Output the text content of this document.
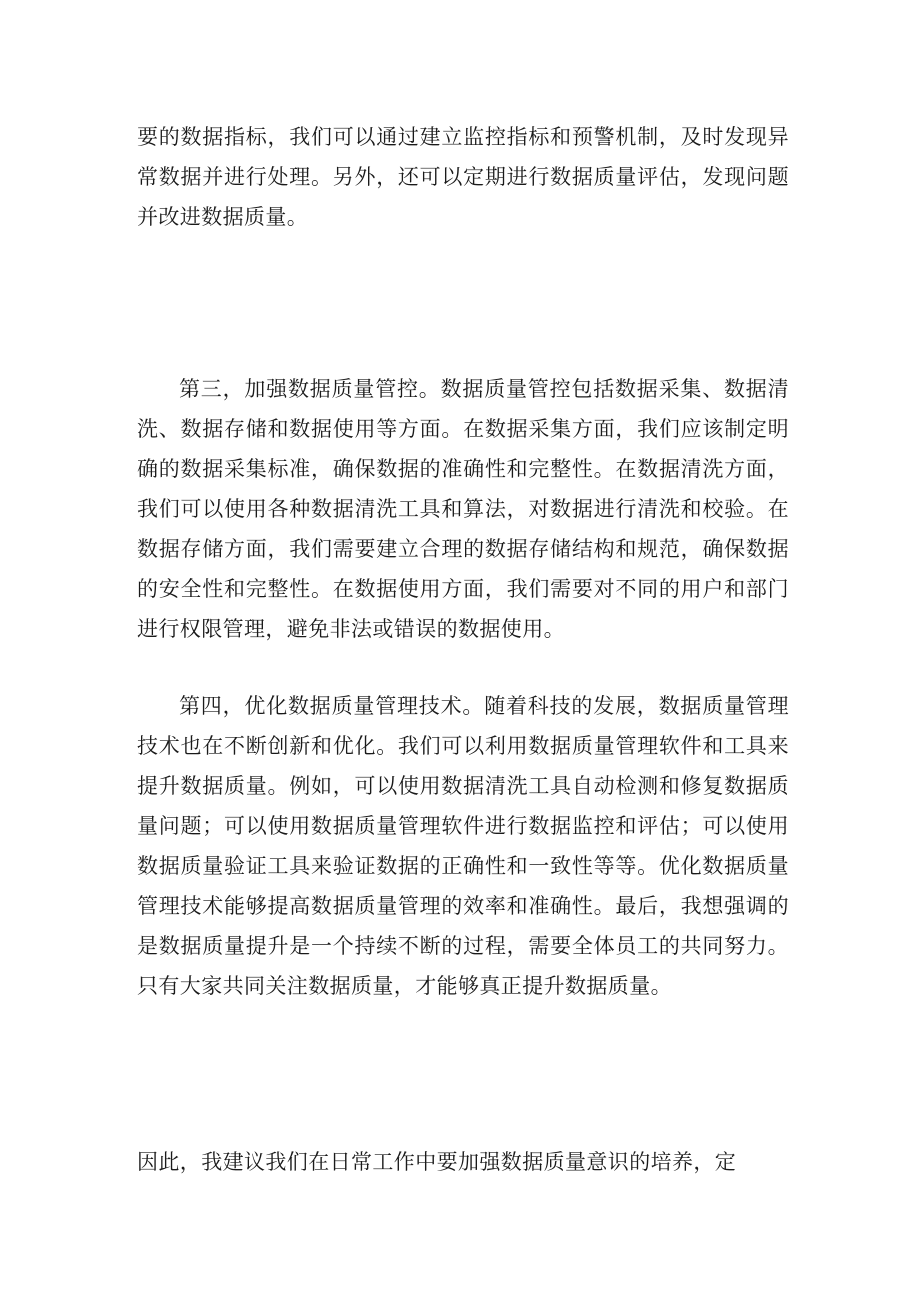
要的数据指标，我们可以通过建立监控指标和预警机制，及时发现异常数据并进行处理。另外，还可以定期进行数据质量评估，发现问题并改进数据质量。

第三，加强数据质量管控。数据质量管控包括数据采集、数据清洗、数据存储和数据使用等方面。在数据采集方面，我们应该制定明确的数据采集标准，确保数据的准确性和完整性。在数据清洗方面，我们可以使用各种数据清洗工具和算法，对数据进行清洗和校验。在数据存储方面，我们需要建立合理的数据存储结构和规范，确保数据的安全性和完整性。在数据使用方面，我们需要对不同的用户和部门进行权限管理，避免非法或错误的数据使用。

第四，优化数据质量管理技术。随着科技的发展，数据质量管理技术也在不断创新和优化。我们可以利用数据质量管理软件和工具来提升数据质量。例如，可以使用数据清洗工具自动检测和修复数据质量问题；可以使用数据质量管理软件进行数据监控和评估；可以使用数据质量验证工具来验证数据的正确性和一致性等等。优化数据质量管理技术能够提高数据质量管理的效率和准确性。最后，我想强调的是数据质量提升是一个持续不断的过程，需要全体员工的共同努力。只有大家共同关注数据质量，才能够真正提升数据质量。

因此，我建议我们在日常工作中要加强数据质量意识的培养，定
